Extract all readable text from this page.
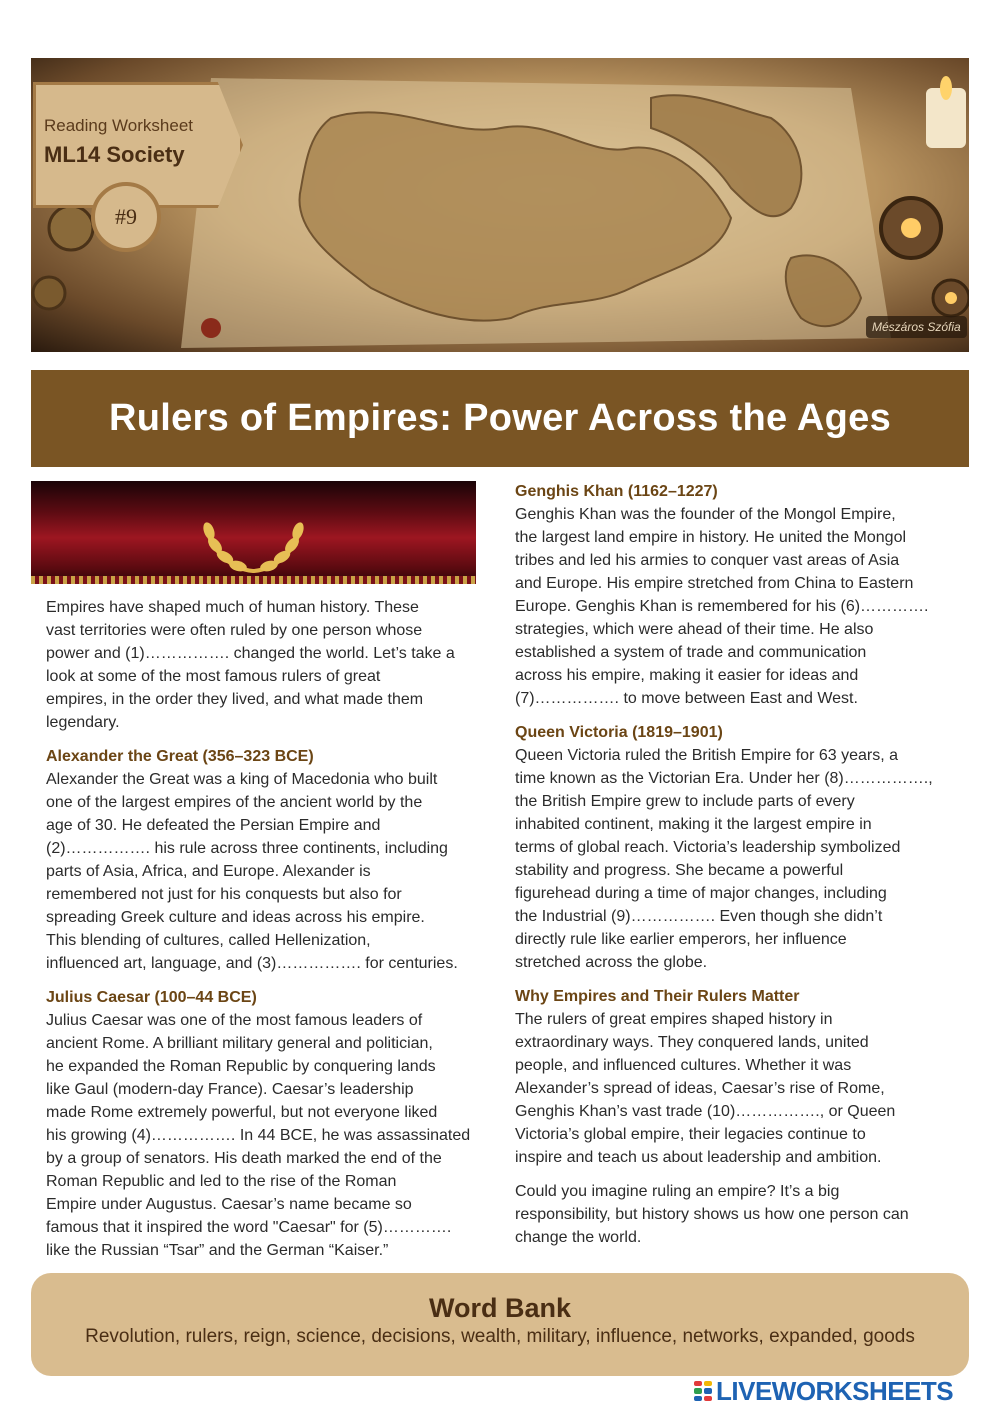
Reading Worksheet
ML14 Society
#9
Mészáros Szófia
Rulers of Empires: Power Across the Ages

Empires have shaped much of human history. These
vast territories were often ruled by one person whose
power and (1)……………. changed the world. Let’s take a
look at some of the most famous rulers of great
empires, in the order they lived, and what made them
legendary.

Alexander the Great (356–323 BCE)

Alexander the Great was a king of Macedonia who built
one of the largest empires of the ancient world by the
age of 30. He defeated the Persian Empire and
(2)……………. his rule across three continents, including
parts of Asia, Africa, and Europe. Alexander is
remembered not just for his conquests but also for
spreading Greek culture and ideas across his empire.
This blending of cultures, called Hellenization,
influenced art, language, and (3)……………. for centuries.

Julius Caesar (100–44 BCE)

Julius Caesar was one of the most famous leaders of
ancient Rome. A brilliant military general and politician,
he expanded the Roman Republic by conquering lands
like Gaul (modern-day France). Caesar’s leadership
made Rome extremely powerful, but not everyone liked
his growing (4)……………. In 44 BCE, he was assassinated
by a group of senators. His death marked the end of the
Roman Republic and led to the rise of the Roman
Empire under Augustus. Caesar’s name became so
famous that it inspired the word "Caesar" for (5)………….
like the Russian “Tsar” and the German “Kaiser.”

Genghis Khan (1162–1227)

Genghis Khan was the founder of the Mongol Empire,
the largest land empire in history. He united the Mongol
tribes and led his armies to conquer vast areas of Asia
and Europe. His empire stretched from China to Eastern
Europe. Genghis Khan is remembered for his (6)………….
strategies, which were ahead of their time. He also
established a system of trade and communication
across his empire, making it easier for ideas and
(7)……………. to move between East and West.

Queen Victoria (1819–1901)

Queen Victoria ruled the British Empire for 63 years, a
time known as the Victorian Era. Under her (8)…………….,
the British Empire grew to include parts of every
inhabited continent, making it the largest empire in
terms of global reach. Victoria’s leadership symbolized
stability and progress. She became a powerful
figurehead during a time of major changes, including
the Industrial (9)……………. Even though she didn’t
directly rule like earlier emperors, her influence
stretched across the globe.

Why Empires and Their Rulers Matter

The rulers of great empires shaped history in
extraordinary ways. They conquered lands, united
people, and influenced cultures. Whether it was
Alexander’s spread of ideas, Caesar’s rise of Rome,
Genghis Khan’s vast trade (10)……………., or Queen
Victoria’s global empire, their legacies continue to
inspire and teach us about leadership and ambition.

Could you imagine ruling an empire? It’s a big
responsibility, but history shows us how one person can
change the world.

Word Bank
Revolution, rulers, reign, science, decisions, wealth, military, influence, networks, expanded, goods
LIVEWORKSHEETS
